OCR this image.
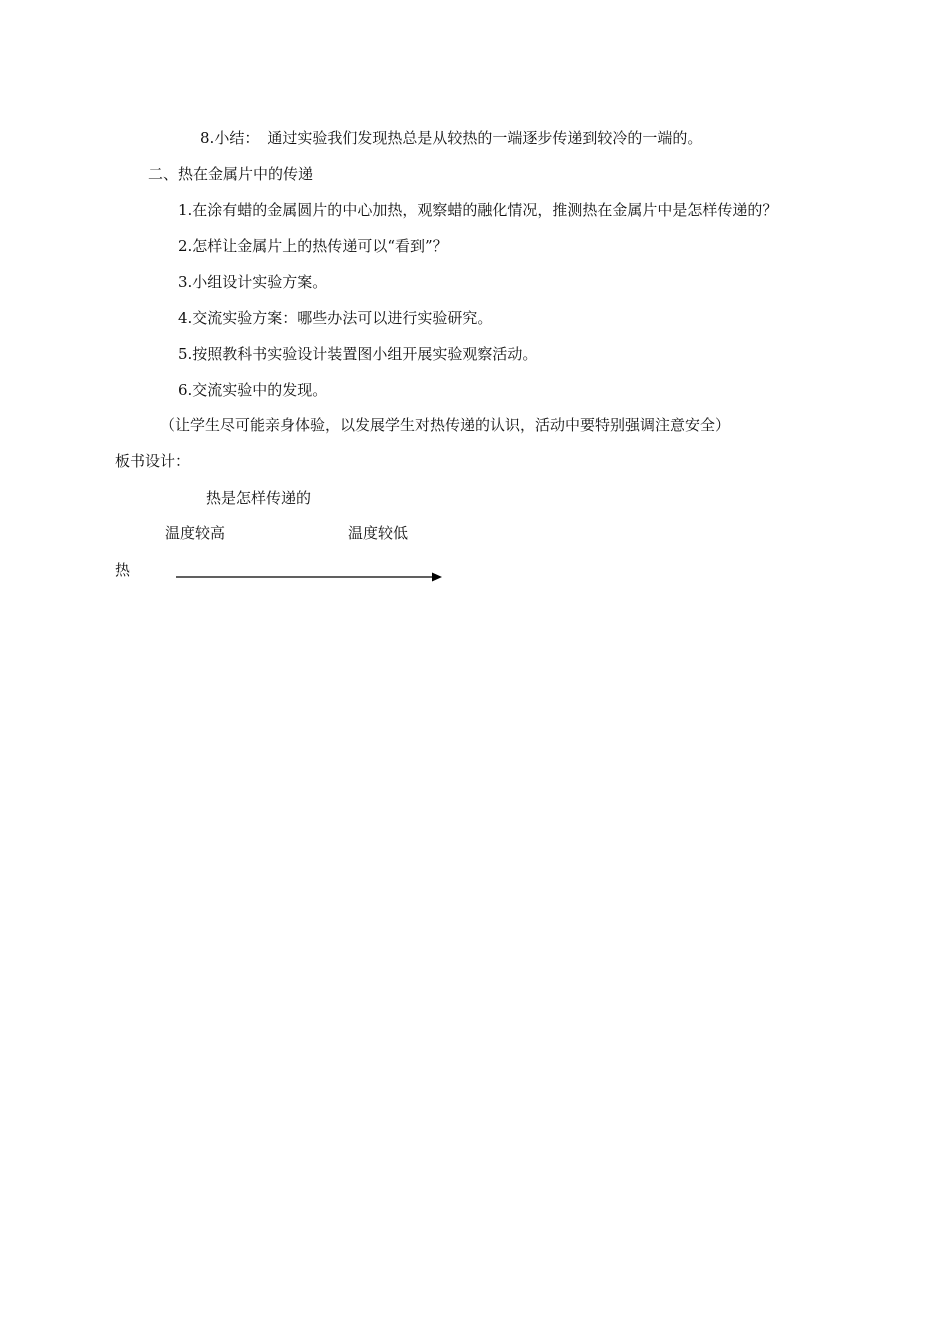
8.小结： 通过实验我们发现热总是从较热的一端逐步传递到较冷的一端的。
二、热在金属片中的传递
1.在涂有蜡的金属圆片的中心加热，观察蜡的融化情况，推测热在金属片中是怎样传递的？
2.怎样让金属片上的热传递可以“看到”？
3.小组设计实验方案。
4.交流实验方案：哪些办法可以进行实验研究。
5.按照教科书实验设计装置图小组开展实验观察活动。
6.交流实验中的发现。
（让学生尽可能亲身体验，以发展学生对热传递的认识，活动中要特别强调注意安全）
板书设计：
热是怎样传递的
温度较高	温度较低
热
